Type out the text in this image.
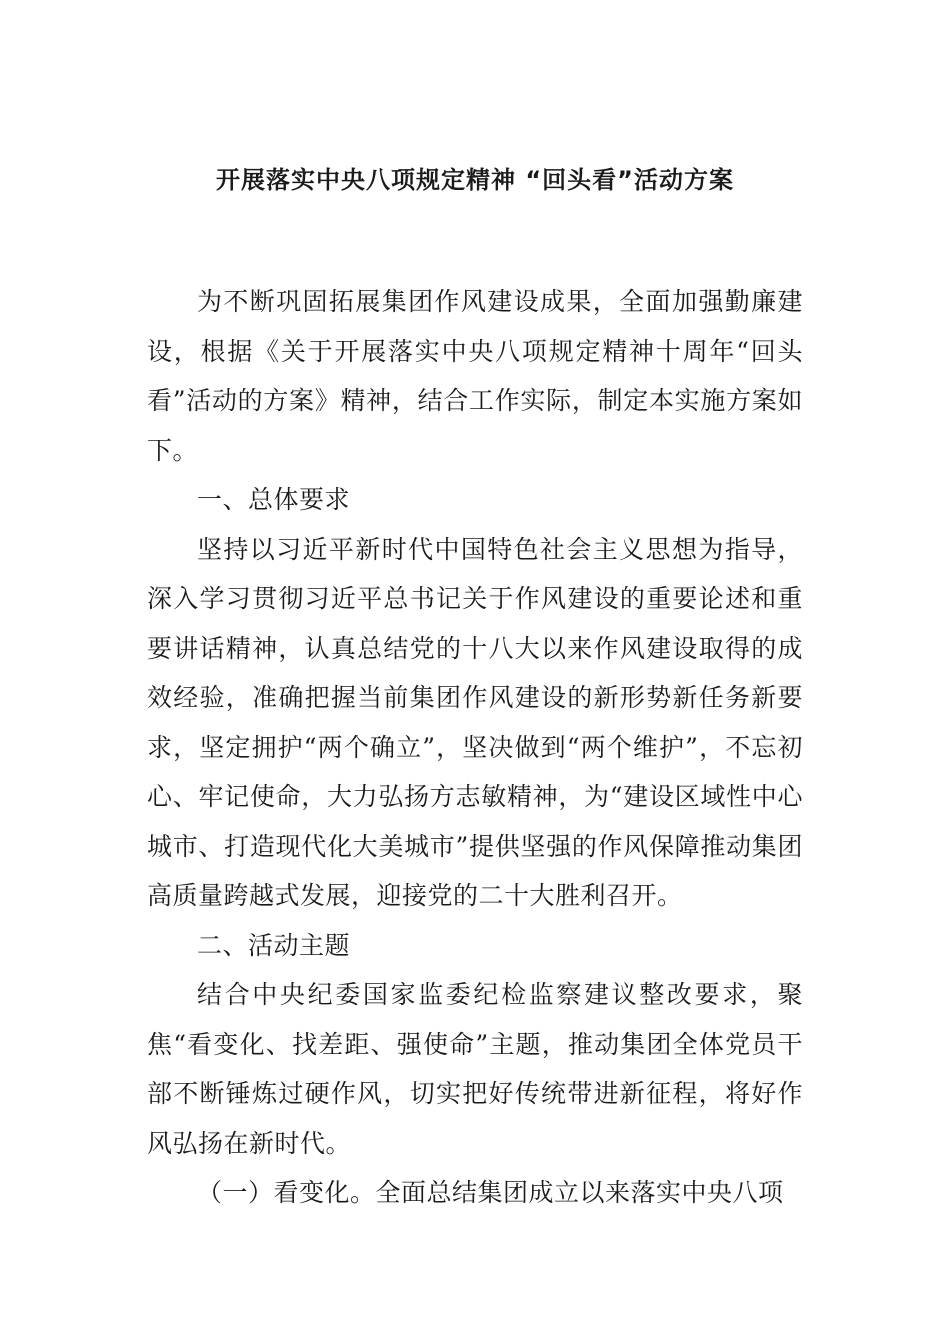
开展落实中央八项规定精神 “回头看”活动方案

为不断巩固拓展集团作风建设成果，全面加强勤廉建设，根据《关于开展落实中央八项规定精神十周年“回头看”活动的方案》精神，结合工作实际，制定本实施方案如下。

一、总体要求

坚持以习近平新时代中国特色社会主义思想为指导，深入学习贯彻习近平总书记关于作风建设的重要论述和重要讲话精神，认真总结党的十八大以来作风建设取得的成效经验，准确把握当前集团作风建设的新形势新任务新要求，坚定拥护“两个确立”，坚决做到“两个维护”，不忘初心、牢记使命，大力弘扬方志敏精神，为“建设区域性中心城市、打造现代化大美城市”提供坚强的作风保障推动集团高质量跨越式发展，迎接党的二十大胜利召开。

二、活动主题

结合中央纪委国家监委纪检监察建议整改要求，聚焦“看变化、找差距、强使命”主题，推动集团全体党员干部不断锤炼过硬作风，切实把好传统带进新征程，将好作风弘扬在新时代。

（一）看变化。全面总结集团成立以来落实中央八项
